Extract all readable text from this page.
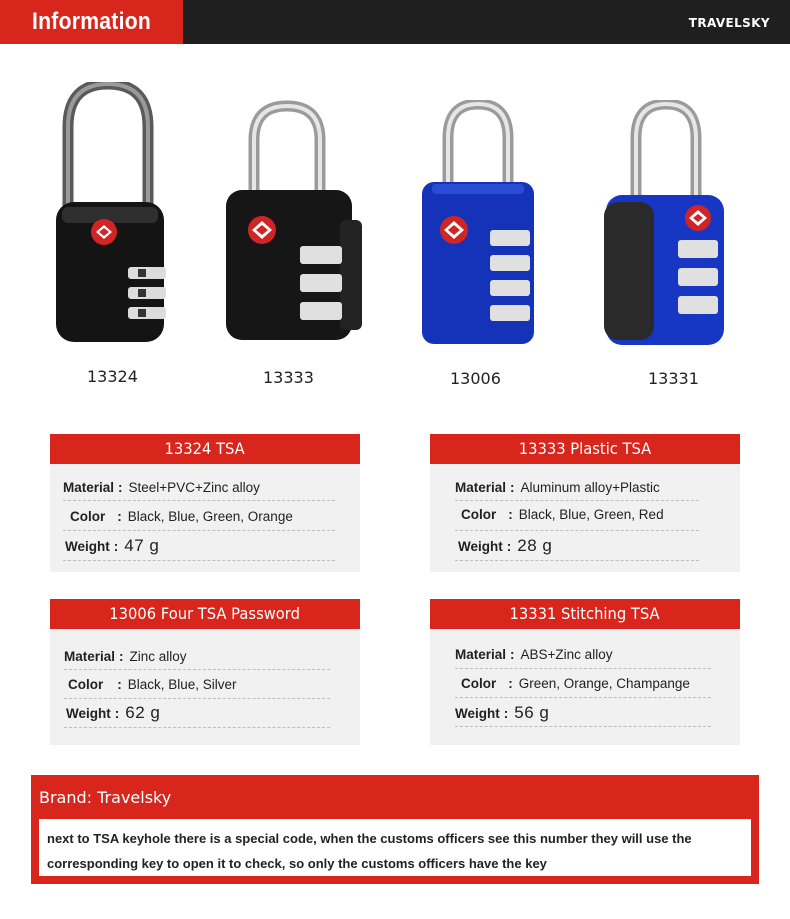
Information	TRAVELSKY
13324	13333	13006	13331
13324 TSA
Material : Steel+PVC+Zinc alloy
Color : Black, Blue, Green, Orange
Weight : 47 g
13333 Plastic TSA
Material : Aluminum alloy+Plastic
Color : Black, Blue, Green, Red
Weight : 28 g
13006 Four TSA Password
Material : Zinc alloy
Color : Black, Blue, Silver
Weight : 62 g
13331 Stitching TSA
Material : ABS+Zinc alloy
Color : Green, Orange, Champange
Weight : 56 g
Brand: Travelsky
next to TSA keyhole there is a special code, when the customs officers see this number they will use the
corresponding key to open it to check, so only the customs officers have the key
